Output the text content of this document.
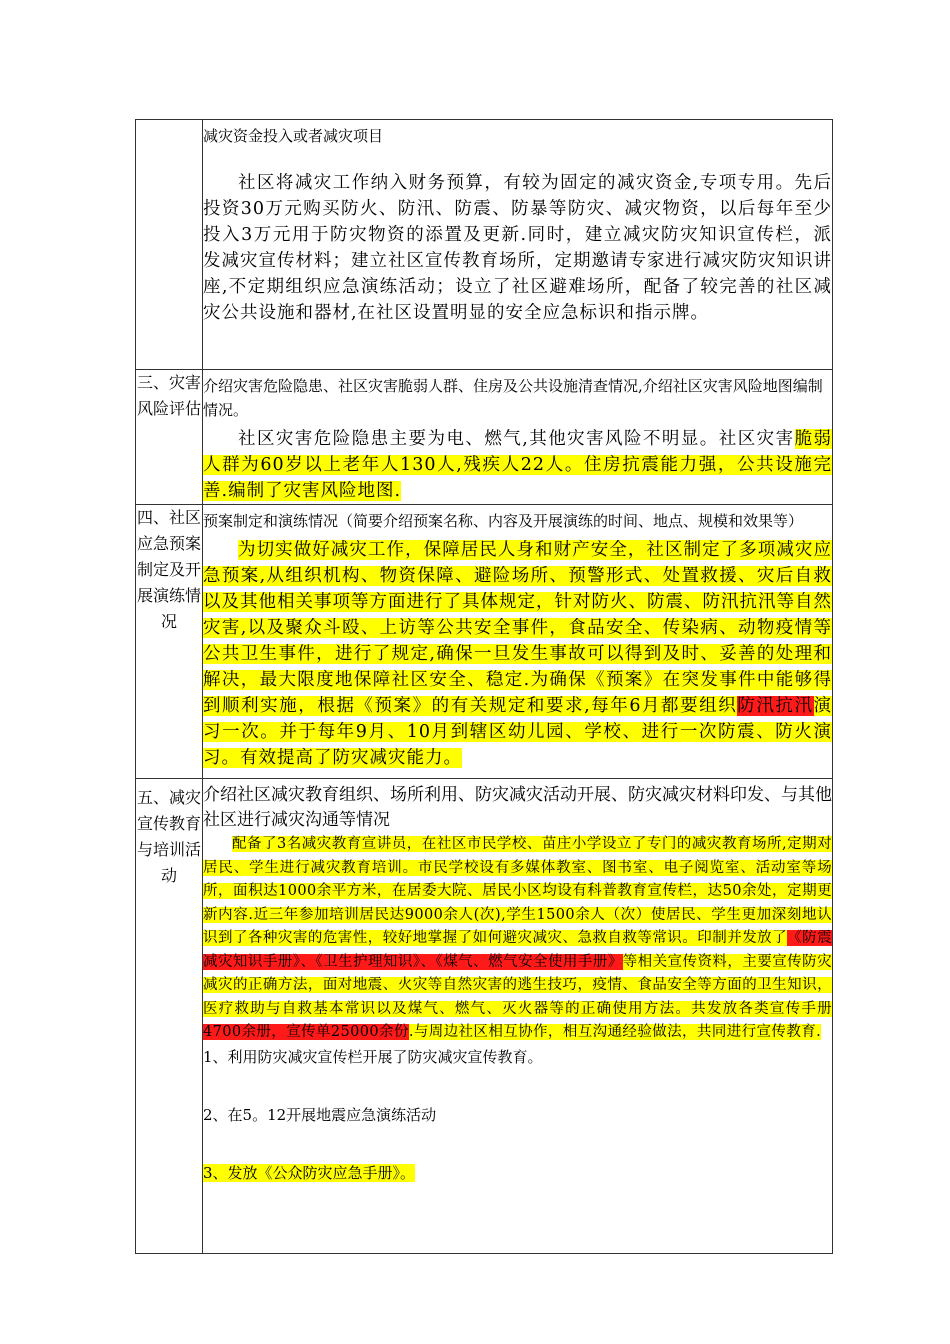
	减灾资金投入或者减灾项目

社区将减灾工作纳入财务预算，有较为固定的减灾资金,专项专用。先后投资30万元购买防火、防汛、防震、防暴等防灾、减灾物资，以后每年至少投入3万元用于防灾物资的添置及更新.同时，建立减灾防灾知识宣传栏，派发减灾宣传材料；建立社区宣传教育场所，定期邀请专家进行减灾防灾知识讲座,不定期组织应急演练活动；设立了社区避难场所，配备了较完善的社区减灾公共设施和器材,在社区设置明显的安全应急标识和指示牌。

三、灾害风险评估	介绍灾害危险隐患、社区灾害脆弱人群、住房及公共设施清查情况,介绍社区灾害风险地图编制情况。

社区灾害危险隐患主要为电、燃气,其他灾害风险不明显。社区灾害脆弱人群为60岁以上老年人130人,残疾人22人。住房抗震能力强，公共设施完善.编制了灾害风险地图.

四、社区应急预案制定及开展演练情况	预案制定和演练情况（简要介绍预案名称、内容及开展演练的时间、地点、规模和效果等）

为切实做好减灾工作，保障居民人身和财产安全，社区制定了多项减灾应急预案,从组织机构、物资保障、避险场所、预警形式、处置救援、灾后自救以及其他相关事项等方面进行了具体规定，针对防火、防震、防汛抗汛等自然灾害,以及聚众斗殴、上访等公共安全事件，食品安全、传染病、动物疫情等公共卫生事件，进行了规定,确保一旦发生事故可以得到及时、妥善的处理和解决，最大限度地保障社区安全、稳定.为确保《预案》在突发事件中能够得到顺利实施，根据《预案》的有关规定和要求,每年6月都要组织防汛抗汛演习一次。并于每年9月、10月到辖区幼儿园、学校、进行一次防震、防火演习。有效提高了防灾减灾能力。

五、减灾宣传教育与培训活动	介绍社区减灾教育组织、场所利用、防灾减灾活动开展、防灾减灾材料印发、与其他社区进行减灾沟通等情况

配备了3名减灾教育宣讲员，在社区市民学校、苗庄小学设立了专门的减灾教育场所,定期对居民、学生进行减灾教育培训。市民学校设有多媒体教室、图书室、电子阅览室、活动室等场所，面积达1000余平方米，在居委大院、居民小区均设有科普教育宣传栏，达50余处，定期更新内容.近三年参加培训居民达9000余人(次),学生1500余人（次）使居民、学生更加深刻地认识到了各种灾害的危害性，较好地掌握了如何避灾减灾、急救自救等常识。印制并发放了《防震减灾知识手册》、《卫生护理知识》、《煤气、燃气安全使用手册》等相关宣传资料，主要宣传防灾减灾的正确方法，面对地震、火灾等自然灾害的逃生技巧，疫情、食品安全等方面的卫生知识，医疗救助与自救基本常识以及煤气、燃气、灭火器等的正确使用方法。共发放各类宣传手册4700余册，宣传单25000余份.与周边社区相互协作，相互沟通经验做法，共同进行宣传教育.

1、利用防灾减灾宣传栏开展了防灾减灾宣传教育。

2、在5。12开展地震应急演练活动

3、发放《公众防灾应急手册》。
